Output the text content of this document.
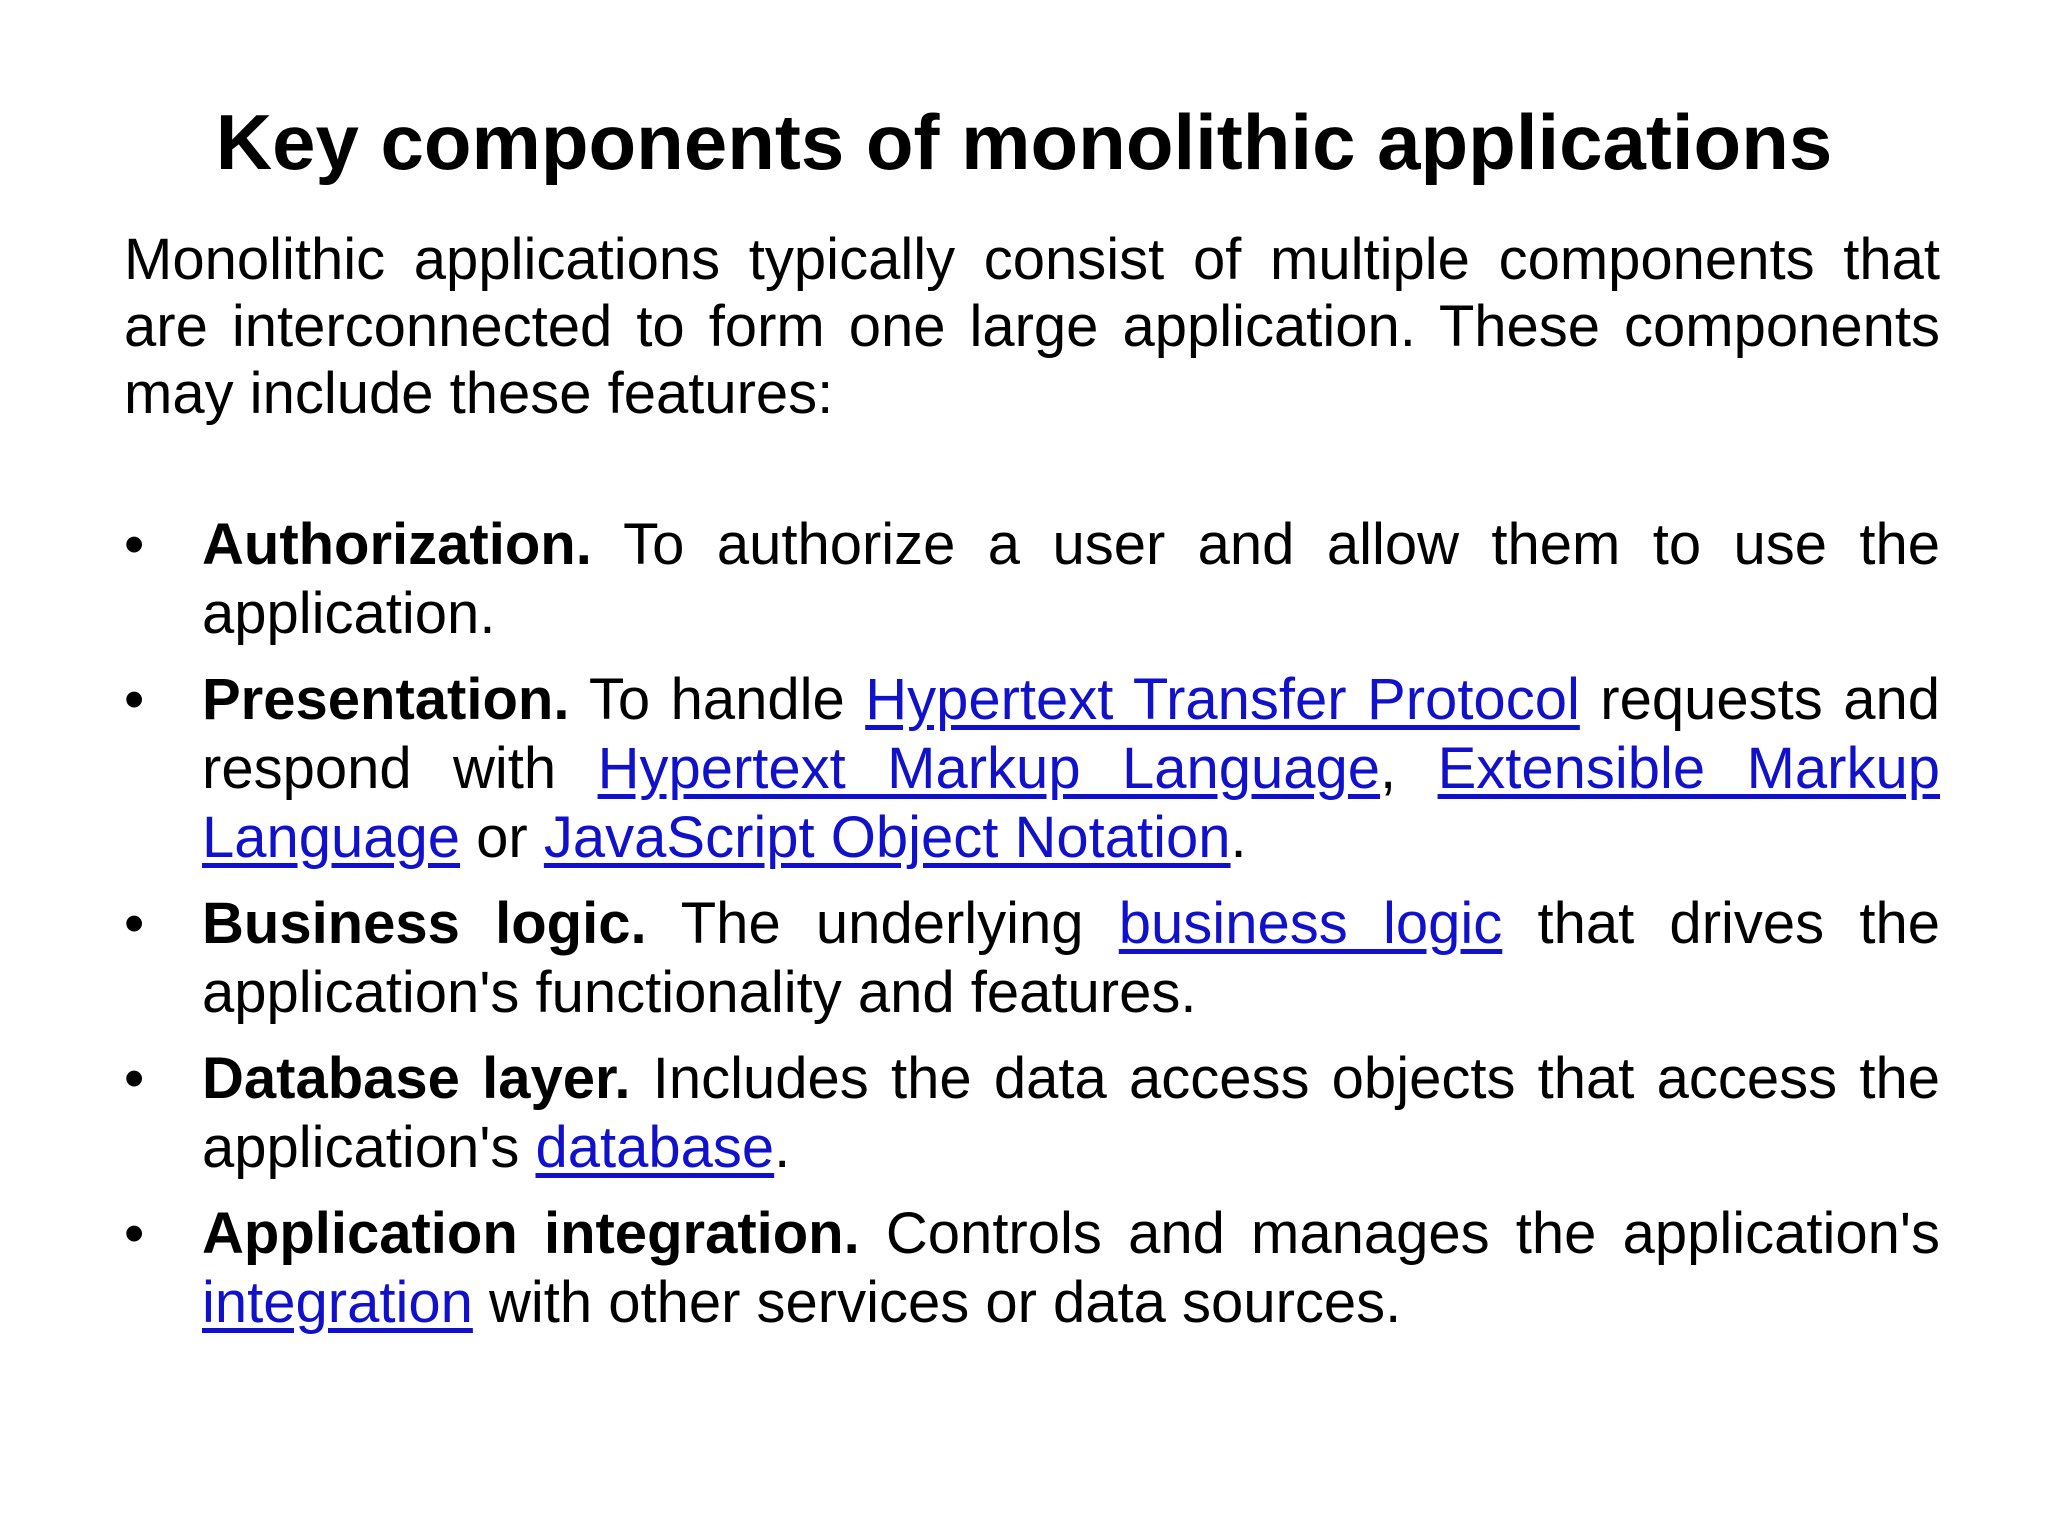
Key components of monolithic applications

Monolithic applications typically consist of multiple components that are interconnected to form one large application. These components may include these features:

• Authorization. To authorize a user and allow them to use the application.
• Presentation. To handle Hypertext Transfer Protocol requests and respond with Hypertext Markup Language, Extensible Markup Language or JavaScript Object Notation.
• Business logic. The underlying business logic that drives the application's functionality and features.
• Database layer. Includes the data access objects that access the application's database.
• Application integration. Controls and manages the application's integration with other services or data sources.
